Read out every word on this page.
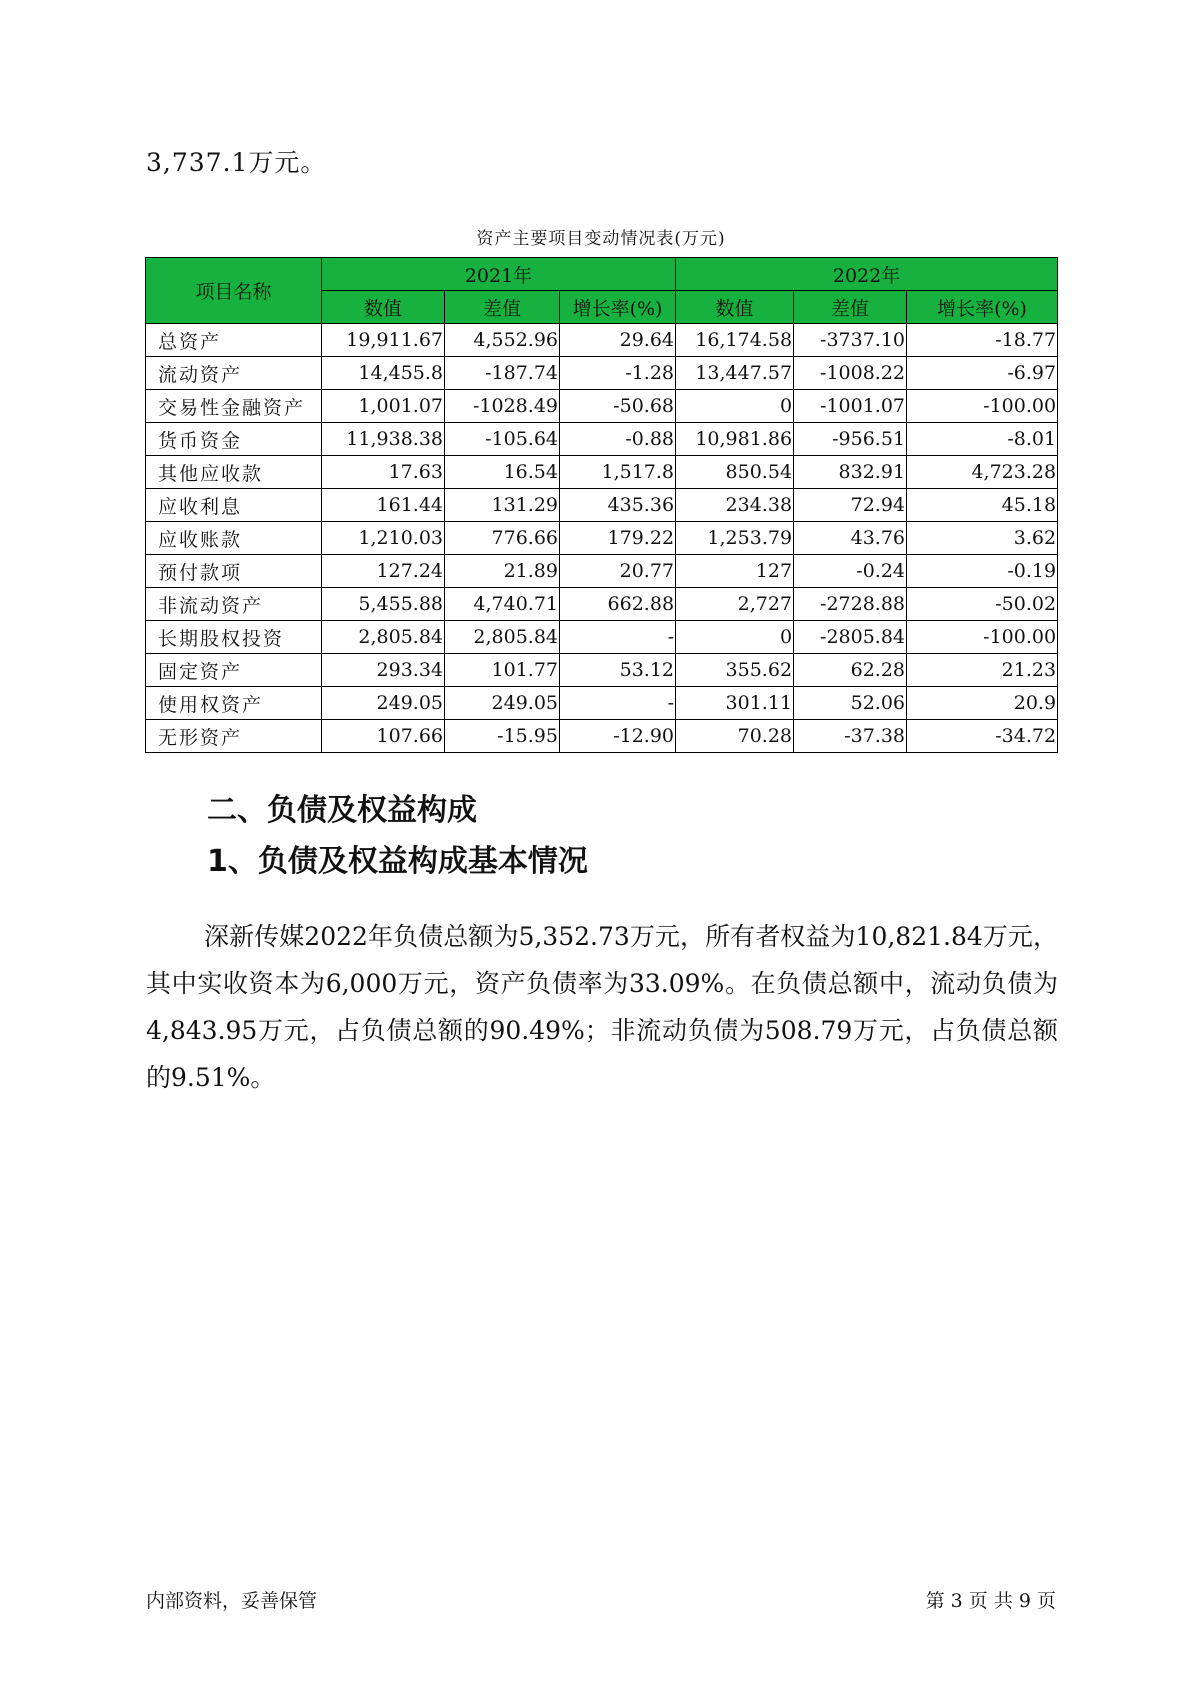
3,737.1万元。
资产主要项目变动情况表(万元)
项目名称	2021年			2022年		
	数值	差值	增长率(%)	数值	差值	增长率(%)
总资产	19,911.67	4,552.96	29.64	16,174.58	-3737.10	-18.77
流动资产	14,455.8	-187.74	-1.28	13,447.57	-1008.22	-6.97
交易性金融资产	1,001.07	-1028.49	-50.68	0	-1001.07	-100.00
货币资金	11,938.38	-105.64	-0.88	10,981.86	-956.51	-8.01
其他应收款	17.63	16.54	1,517.8	850.54	832.91	4,723.28
应收利息	161.44	131.29	435.36	234.38	72.94	45.18
应收账款	1,210.03	776.66	179.22	1,253.79	43.76	3.62
预付款项	127.24	21.89	20.77	127	-0.24	-0.19
非流动资产	5,455.88	4,740.71	662.88	2,727	-2728.88	-50.02
长期股权投资	2,805.84	2,805.84	-	0	-2805.84	-100.00
固定资产	293.34	101.77	53.12	355.62	62.28	21.23
使用权资产	249.05	249.05	-	301.11	52.06	20.9
无形资产	107.66	-15.95	-12.90	70.28	-37.38	-34.72
二、负债及权益构成
1、负债及权益构成基本情况

深新传媒2022年负债总额为5,352.73万元，所有者权益为10,821.84万元，其中实收资本为6,000万元，资产负债率为33.09%。在负债总额中，流动负债为4,843.95万元，占负债总额的90.49%；非流动负债为508.79万元，占负债总额的9.51%。

内部资料，妥善保管	第 3 页 共 9 页
